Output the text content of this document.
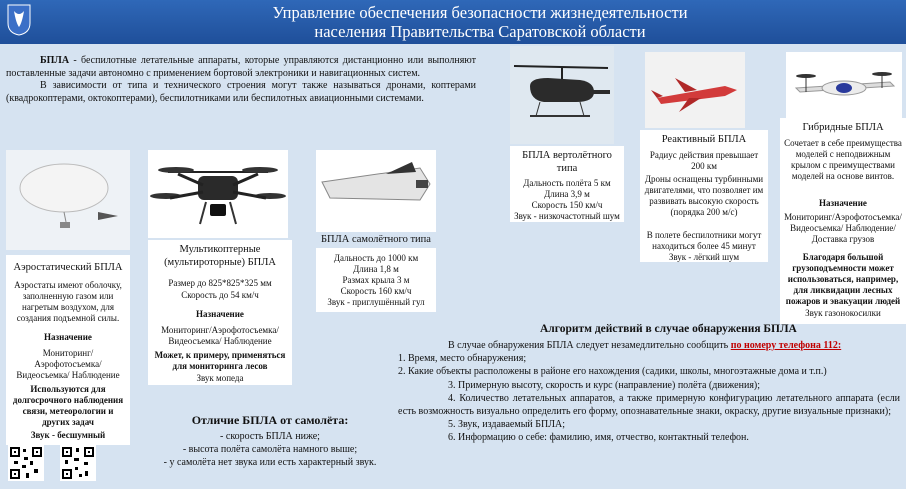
Управление обеспечения безопасности жизнедеятельности
населения Правительства Саратовской области

БПЛА - беспилотные летательные аппараты, которые управляются дистанционно или выполняют поставленные задачи автономно с применением бортовой электроники и навигационных систем.

В зависимости от типа и технического строения могут также называться дронами, коптерами (квадрокоптерами, октокоптерами), беспилотниками или беспилотных авиационными системами.

Аэростатический БПЛА
Аэростаты имеют оболочку, заполненную газом или нагретым воздухом, для создания подъемной силы.
Назначение
Мониторинг/ Аэрофотосъемка/ Видеосъемка/ Наблюдение
Используются для долгосрочного наблюдения связи, метеорологии и других задач
Звук - бесшумный
Мультикоптерные
(мультироторные) БПЛА
Размер до 825*825*325 мм
Скорость до 54 км/ч
Назначение
Мониторинг/Аэрофотосъемка/ Видеосъемка/ Наблюдение
Может, к примеру, применяться для мониторинга лесов
Звук мопеда
БПЛА самолётного типа
Дальность до 1000 км
Длина 1,8 м
Размах крыла 3 м
Скорость 160 км/ч
Звук - приглушённый гул
БПЛА вертолётного
типа
Дальность полёта 5 км
Длина 3,9 м
Скорость 150 км/ч
Звук - низкочастотный шум
Реактивный БПЛА
Радиус действия превышает 200 км
Дроны оснащены турбинными двигателями, что позволяет им развивать высокую скорость (порядка 200 м/с)
В полете беспилотники могут находиться более 45 минут
Звук - лёгкий шум
Гибридные БПЛА
Сочетает в себе преимущества моделей с неподвижным крылом с преимуществами моделей на основе винтов.
Назначение
Мониторинг/Аэрофотосъемка/ Видеосъемка/ Наблюдение/ Доставка грузов
Благодаря большой грузоподъемности может использоваться, например, для ликвидации лесных пожаров и эвакуации людей
Звук газонокосилки
Отличие БПЛА от самолёта:
- скорость БПЛА ниже;
- высота полёта самолёта намного выше;
- у самолёта нет звука или есть характерный звук.
Алгоритм действий в случае обнаружения БПЛА
В случае обнаружения БПЛА следует незамедлительно сообщить по номеру телефона 112:
1. Время, место обнаружения;
2. Какие объекты расположены в районе его нахождения (садики, школы, многоэтажные дома и т.п.)
3. Примерную высоту, скорость и курс (направление) полёта (движения);
4. Количество летательных аппаратов, а также примерную конфигурацию летательного аппарата (если есть возможность визуально определить его форму, опознавательные знаки, окраску, другие визуальные признаки);
5. Звук, издаваемый БПЛА;
6. Информацию о себе: фамилию, имя, отчество, контактный телефон.
